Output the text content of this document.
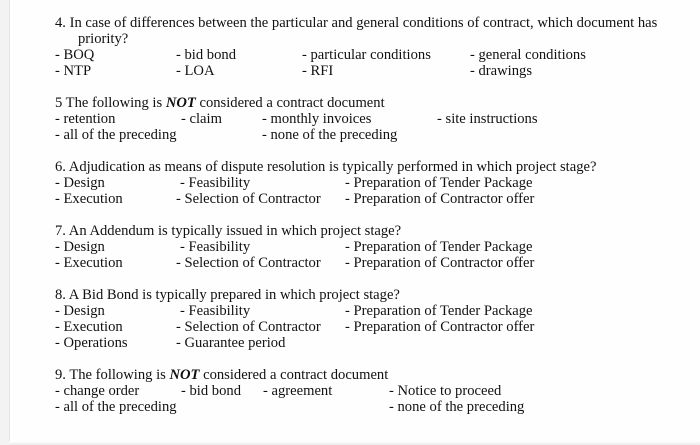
4. In case of differences between the particular and general conditions of contract, which document has
priority?
- BOQ	- bid bond	- particular conditions	- general conditions
- NTP	- LOA	- RFI	- drawings
5 The following is NOT considered a contract document
- retention	- claim	- monthly invoices	- site instructions
- all of the preceding	- none of the preceding
6. Adjudication as means of dispute resolution is typically performed in which project stage?
- Design	- Feasibility	- Preparation of Tender Package
- Execution	- Selection of Contractor - Preparation of Contractor offer
7. An Addendum is typically issued in which project stage?
- Design	- Feasibility	- Preparation of Tender Package
- Execution	- Selection of Contractor - Preparation of Contractor offer
8. A Bid Bond is typically prepared in which project stage?
- Design	- Feasibility	- Preparation of Tender Package
- Execution	- Selection of Contractor - Preparation of Contractor offer
- Operations	- Guarantee period
9. The following is NOT considered a contract document
- change order	- bid bond - agreement	- Notice to proceed
- all of the preceding	- none of the preceding
